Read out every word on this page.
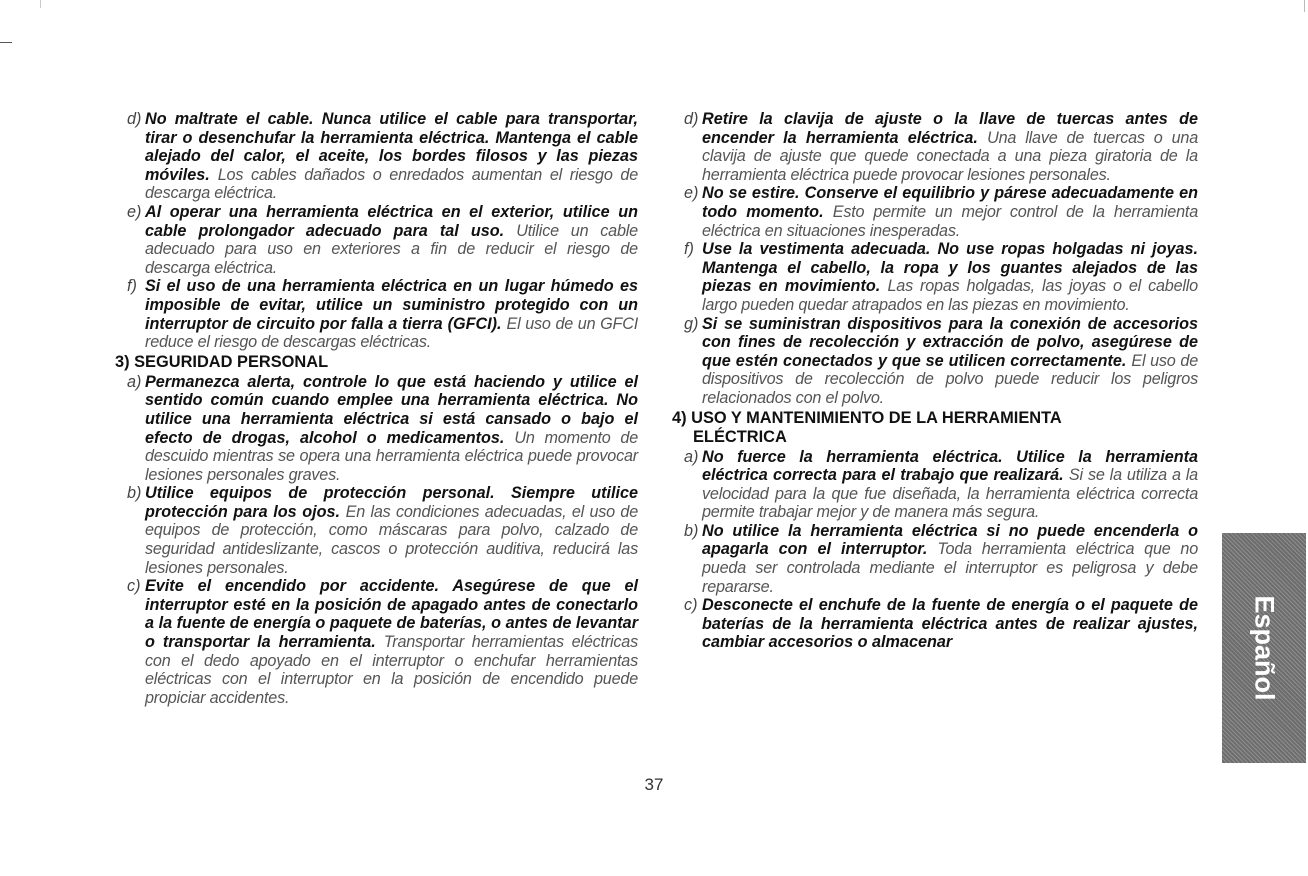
d) No maltrate el cable. Nunca utilice el cable para transportar, tirar o desenchufar la herramienta eléctrica. Mantenga el cable alejado del calor, el aceite, los bordes filosos y las piezas móviles. Los cables dañados o enredados aumentan el riesgo de descarga eléctrica.
e) Al operar una herramienta eléctrica en el exterior, utilice un cable prolongador adecuado para tal uso. Utilice un cable adecuado para uso en exteriores a fin de reducir el riesgo de descarga eléctrica.
f) Si el uso de una herramienta eléctrica en un lugar húmedo es imposible de evitar, utilice un suministro protegido con un interruptor de circuito por falla a tierra (GFCI). El uso de un GFCI reduce el riesgo de descargas eléctricas.
3) SEGURIDAD PERSONAL
a) Permanezca alerta, controle lo que está haciendo y utilice el sentido común cuando emplee una herramienta eléctrica. No utilice una herramienta eléctrica si está cansado o bajo el efecto de drogas, alcohol o medicamentos. Un momento de descuido mientras se opera una herramienta eléctrica puede provocar lesiones personales graves.
b) Utilice equipos de protección personal. Siempre utilice protección para los ojos. En las condiciones adecuadas, el uso de equipos de protección, como máscaras para polvo, calzado de seguridad antideslizante, cascos o protección auditiva, reducirá las lesiones personales.
c) Evite el encendido por accidente. Asegúrese de que el interruptor esté en la posición de apagado antes de conectarlo a la fuente de energía o paquete de baterías, o antes de levantar o transportar la herramienta. Transportar herramientas eléctricas con el dedo apoyado en el interruptor o enchufar herramientas eléctricas con el interruptor en la posición de encendido puede propiciar accidentes.
d) Retire la clavija de ajuste o la llave de tuercas antes de encender la herramienta eléctrica. Una llave de tuercas o una clavija de ajuste que quede conectada a una pieza giratoria de la herramienta eléctrica puede provocar lesiones personales.
e) No se estire. Conserve el equilibrio y párese adecuadamente en todo momento. Esto permite un mejor control de la herramienta eléctrica en situaciones inesperadas.
f) Use la vestimenta adecuada. No use ropas holgadas ni joyas. Mantenga el cabello, la ropa y los guantes alejados de las piezas en movimiento. Las ropas holgadas, las joyas o el cabello largo pueden quedar atrapados en las piezas en movimiento.
g) Si se suministran dispositivos para la conexión de accesorios con fines de recolección y extracción de polvo, asegúrese de que estén conectados y que se utilicen correctamente. El uso de dispositivos de recolección de polvo puede reducir los peligros relacionados con el polvo.
4) USO Y MANTENIMIENTO DE LA HERRAMIENTA
ELÉCTRICA
a) No fuerce la herramienta eléctrica. Utilice la herramienta eléctrica correcta para el trabajo que realizará. Si se la utiliza a la velocidad para la que fue diseñada, la herramienta eléctrica correcta permite trabajar mejor y de manera más segura.
b) No utilice la herramienta eléctrica si no puede encenderla o apagarla con el interruptor. Toda herramienta eléctrica que no pueda ser controlada mediante el interruptor es peligrosa y debe repararse.
c) Desconecte el enchufe de la fuente de energía o el paquete de baterías de la herramienta eléctrica antes de realizar ajustes, cambiar accesorios o almacenar
37
Español
